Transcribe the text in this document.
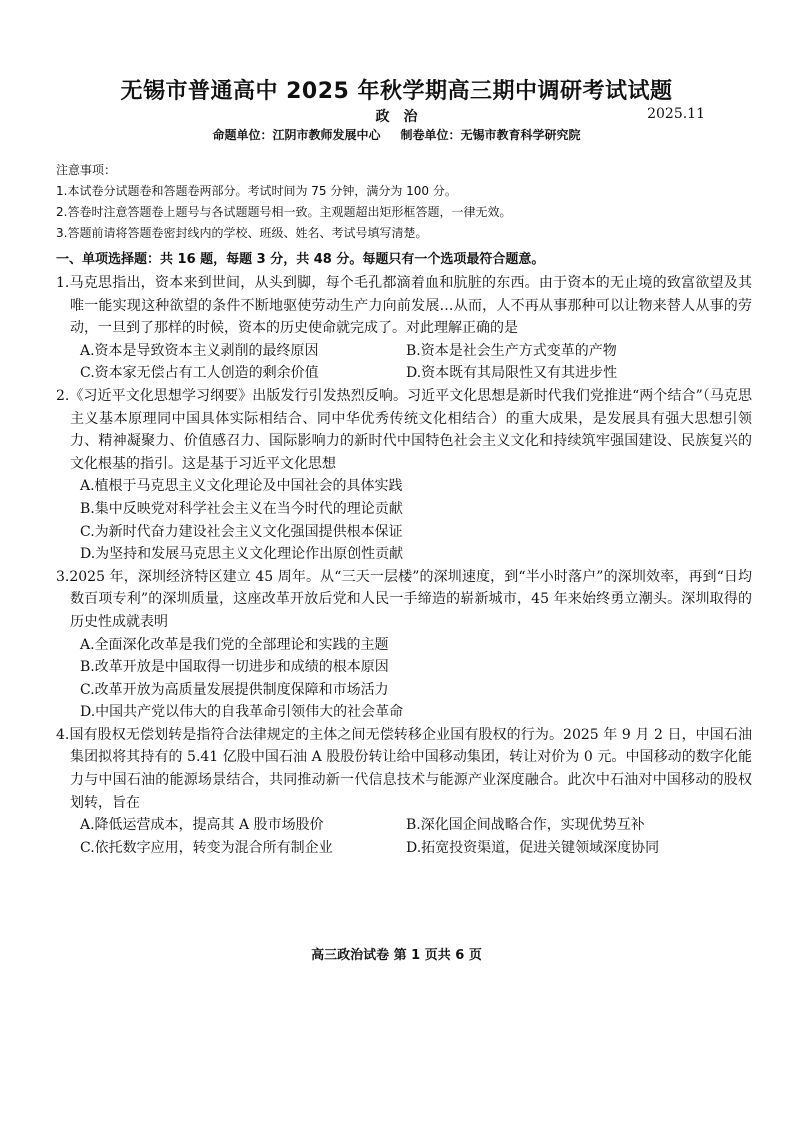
无锡市普通高中 2025 年秋学期高三期中调研考试试题
政　治	2025.11
命题单位：江阴市教师发展中心 制卷单位：无锡市教育科学研究院
注意事项：
1.本试卷分试题卷和答题卷两部分。考试时间为 75 分钟，满分为 100 分。
2.答卷时注意答题卷上题号与各试题题号相一致。主观题超出矩形框答题，一律无效。
3.答题前请将答题卷密封线内的学校、班级、姓名、考试号填写清楚。
一、单项选择题：共 16 题，每题 3 分，共 48 分。每题只有一个选项最符合题意。
1.马克思指出，资本来到世间，从头到脚，每个毛孔都滴着血和肮脏的东西。由于资本的无止境的致富欲望及其唯一能实现这种欲望的条件不断地驱使劳动生产力向前发展…从而，人不再从事那种可以让物来替人从事的劳动，一旦到了那样的时候，资本的历史使命就完成了。对此理解正确的是
A.资本是导致资本主义剥削的最终原因	B.资本是社会生产方式变革的产物
C.资本家无偿占有工人创造的剩余价值	D.资本既有其局限性又有其进步性
2.《习近平文化思想学习纲要》出版发行引发热烈反响。习近平文化思想是新时代我们党推进“两个结合”（马克思主义基本原理同中国具体实际相结合、同中华优秀传统文化相结合）的重大成果，是发展具有强大思想引领力、精神凝聚力、价值感召力、国际影响力的新时代中国特色社会主义文化和持续筑牢强国建设、民族复兴的文化根基的指引。这是基于习近平文化思想
A.植根于马克思主义文化理论及中国社会的具体实践
B.集中反映党对科学社会主义在当今时代的理论贡献
C.为新时代奋力建设社会主义文化强国提供根本保证
D.为坚持和发展马克思主义文化理论作出原创性贡献
3.2025 年，深圳经济特区建立 45 周年。从“三天一层楼”的深圳速度，到“半小时落户”的深圳效率，再到“日均数百项专利”的深圳质量，这座改革开放后党和人民一手缔造的崭新城市，45 年来始终勇立潮头。深圳取得的历史性成就表明
A.全面深化改革是我们党的全部理论和实践的主题
B.改革开放是中国取得一切进步和成绩的根本原因
C.改革开放为高质量发展提供制度保障和市场活力
D.中国共产党以伟大的自我革命引领伟大的社会革命
4.国有股权无偿划转是指符合法律规定的主体之间无偿转移企业国有股权的行为。2025 年 9 月 2 日，中国石油集团拟将其持有的 5.41 亿股中国石油 A 股股份转让给中国移动集团，转让对价为 0 元。中国移动的数字化能力与中国石油的能源场景结合，共同推动新一代信息技术与能源产业深度融合。此次中石油对中国移动的股权划转，旨在
A.降低运营成本，提高其 A 股市场股价	B.深化国企间战略合作，实现优势互补
C.依托数字应用，转变为混合所有制企业	D.拓宽投资渠道，促进关键领域深度协同
高三政治试卷 第 1 页共 6 页
